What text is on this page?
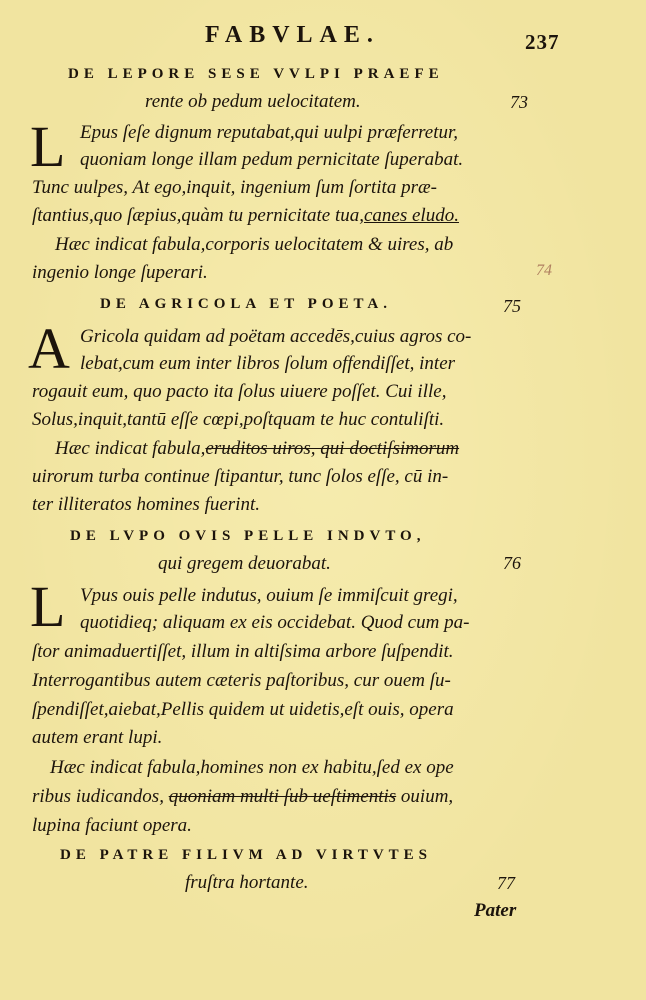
FABVLAE.	237
DE LEPORE SESE VVLPI PRAEFE
rente ob pedum uelocitatem.	73
L Epus ſeſe dignum reputabat,qui uulpi præferretur,
quoniam longe illam pedum pernicitate ſuperabat.
Tunc uulpes, At ego,inquit, ingenium ſum ſortita præ-
ſtantius,quo ſæpius,quàm tu pernicitate tua,canes eludo.
Hæc indicat fabula,corporis uelocitatem & uires, ab
ingenio longe ſuperari.	74
DE AGRICOLA ET POETA.	75
A Gricola quidam ad poëtam accedēs,cuius agros co-
lebat,cum eum inter libros ſolum offendiſſet, inter
rogauit eum, quo pacto ita ſolus uiuere poſſet. Cui ille,
Solus,inquit,tantū eſſe cœpi,poſtquam te huc contuliſti.
Hæc indicat fabula,eruditos uiros, qui doctiſsimorum
uirorum turba continue ſtipantur, tunc ſolos eſſe, cū in-
ter illiteratos homines fuerint.
DE LVPO OVIS PELLE INDVTO,
qui gregem deuorabat.	76
L Vpus ouis pelle indutus, ouium ſe immiſcuit gregi,
quotidieq; aliquam ex eis occidebat. Quod cum pa-
ſtor animaduertiſſet, illum in altiſsima arbore ſuſpendit.
Interrogantibus autem cæteris paſtoribus, cur ouem ſu-
ſpendiſſet,aiebat,Pellis quidem ut uidetis,eſt ouis, opera
autem erant lupi.
Hæc indicat fabula,homines non ex habitu,ſed ex ope
ribus iudicandos, quoniam multi ſub ueſtimentis ouium,
lupina faciunt opera.
DE PATRE FILIVM AD VIRTVTES
fruſtra hortante.	77
Pater
